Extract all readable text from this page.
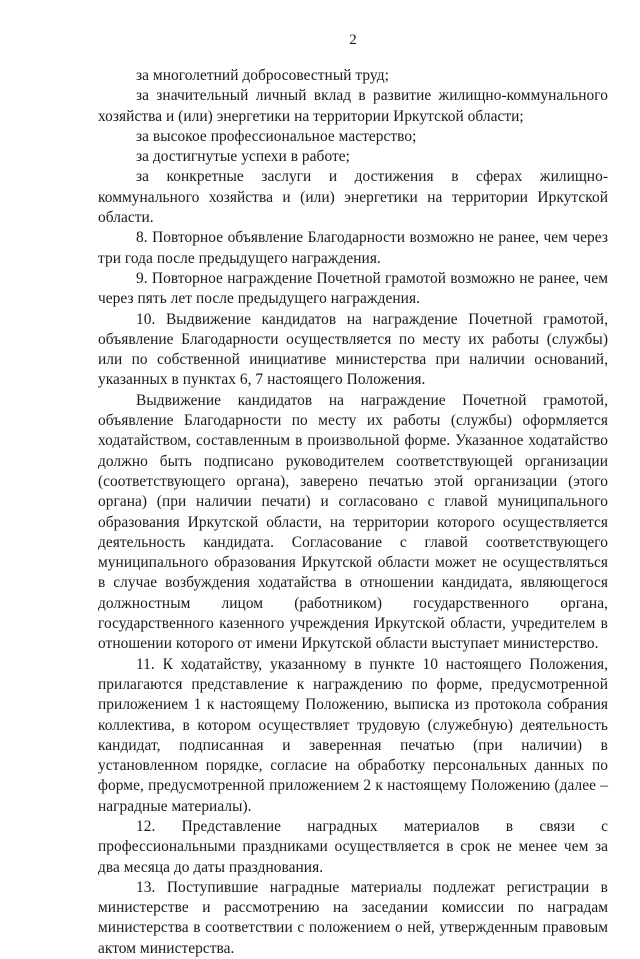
2

за многолетний добросовестный труд;

за значительный личный вклад в развитие жилищно-коммунального хозяйства и (или) энергетики на территории Иркутской области;

за высокое профессиональное мастерство;

за достигнутые успехи в работе;

за конкретные заслуги и достижения в сферах жилищно-коммунального хозяйства и (или) энергетики на территории Иркутской области.

8. Повторное объявление Благодарности возможно не ранее, чем через три года после предыдущего награждения.

9. Повторное награждение Почетной грамотой возможно не ранее, чем через пять лет после предыдущего награждения.

10. Выдвижение кандидатов на награждение Почетной грамотой, объявление Благодарности осуществляется по месту их работы (службы) или по собственной инициативе министерства при наличии оснований, указанных в пунктах 6, 7 настоящего Положения.

Выдвижение кандидатов на награждение Почетной грамотой, объявление Благодарности по месту их работы (службы) оформляется ходатайством, составленным в произвольной форме. Указанное ходатайство должно быть подписано руководителем соответствующей организации (соответствующего органа), заверено печатью этой организации (этого органа) (при наличии печати) и согласовано с главой муниципального образования Иркутской области, на территории которого осуществляется деятельность кандидата. Согласование с главой соответствующего муниципального образования Иркутской области может не осуществляться в случае возбуждения ходатайства в отношении кандидата, являющегося должностным лицом (работником) государственного органа, государственного казенного учреждения Иркутской области, учредителем в отношении которого от имени Иркутской области выступает министерство.

11. К ходатайству, указанному в пункте 10 настоящего Положения, прилагаются представление к награждению по форме, предусмотренной приложением 1 к настоящему Положению, выписка из протокола собрания коллектива, в котором осуществляет трудовую (служебную) деятельность кандидат, подписанная и заверенная печатью (при наличии) в установленном порядке, согласие на обработку персональных данных по форме, предусмотренной приложением 2 к настоящему Положению (далее – наградные материалы).

12. Представление наградных материалов в связи с профессиональными праздниками осуществляется в срок не менее чем за два месяца до даты празднования.

13. Поступившие наградные материалы подлежат регистрации в министерстве и рассмотрению на заседании комиссии по наградам министерства в соответствии с положением о ней, утвержденным правовым актом министерства.
